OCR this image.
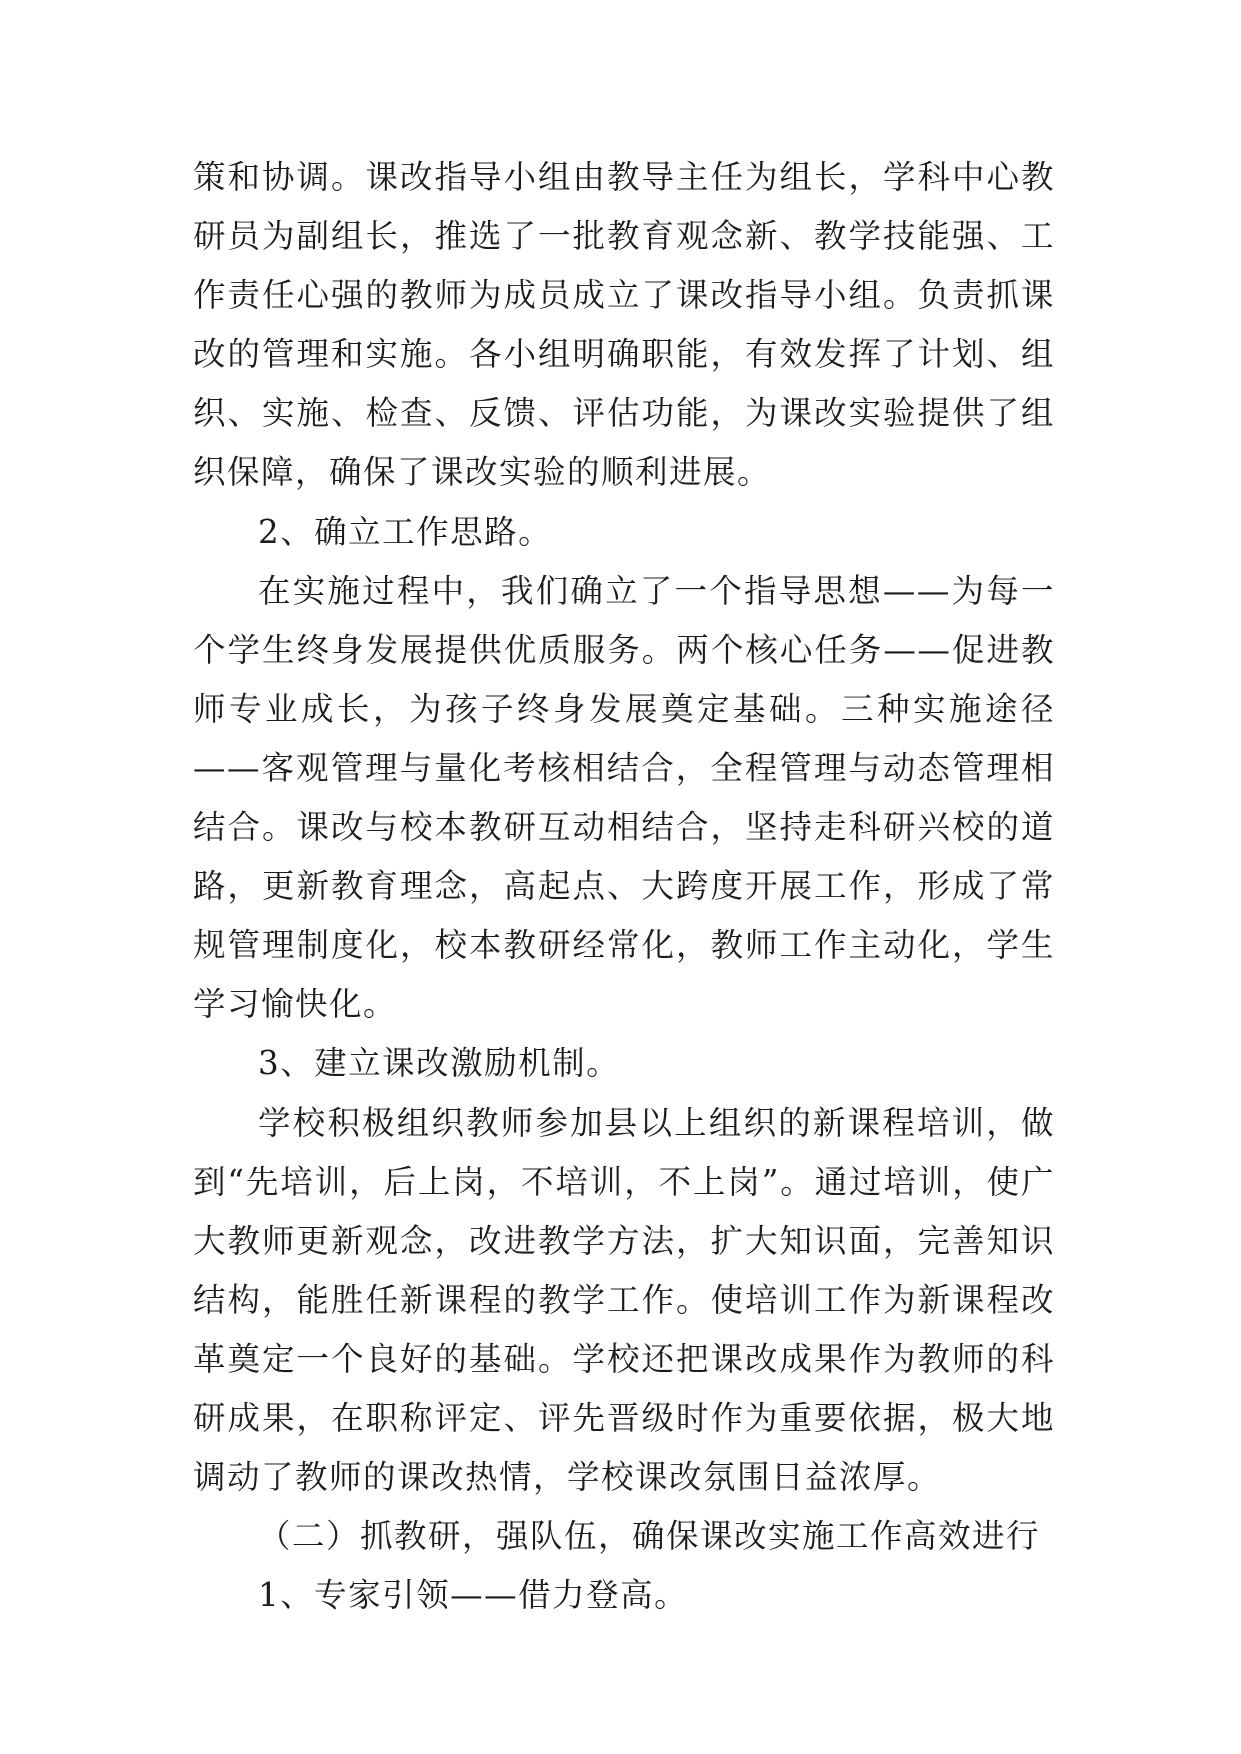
策和协调。课改指导小组由教导主任为组长，学科中心教研员为副组长，推选了一批教育观念新、教学技能强、工作责任心强的教师为成员成立了课改指导小组。负责抓课改的管理和实施。各小组明确职能，有效发挥了计划、组织、实施、检查、反馈、评估功能，为课改实验提供了组织保障，确保了课改实验的顺利进展。

2、确立工作思路。

在实施过程中，我们确立了一个指导思想——为每一个学生终身发展提供优质服务。两个核心任务——促进教师专业成长，为孩子终身发展奠定基础。三种实施途径——客观管理与量化考核相结合，全程管理与动态管理相结合。课改与校本教研互动相结合，坚持走科研兴校的道路，更新教育理念，高起点、大跨度开展工作，形成了常规管理制度化，校本教研经常化，教师工作主动化，学生学习愉快化。

3、建立课改激励机制。

学校积极组织教师参加县以上组织的新课程培训，做到“先培训，后上岗，不培训，不上岗”。通过培训，使广大教师更新观念，改进教学方法，扩大知识面，完善知识结构，能胜任新课程的教学工作。使培训工作为新课程改革奠定一个良好的基础。学校还把课改成果作为教师的科研成果，在职称评定、评先晋级时作为重要依据，极大地调动了教师的课改热情，学校课改氛围日益浓厚。

（二）抓教研，强队伍，确保课改实施工作高效进行

1、专家引领——借力登高。
